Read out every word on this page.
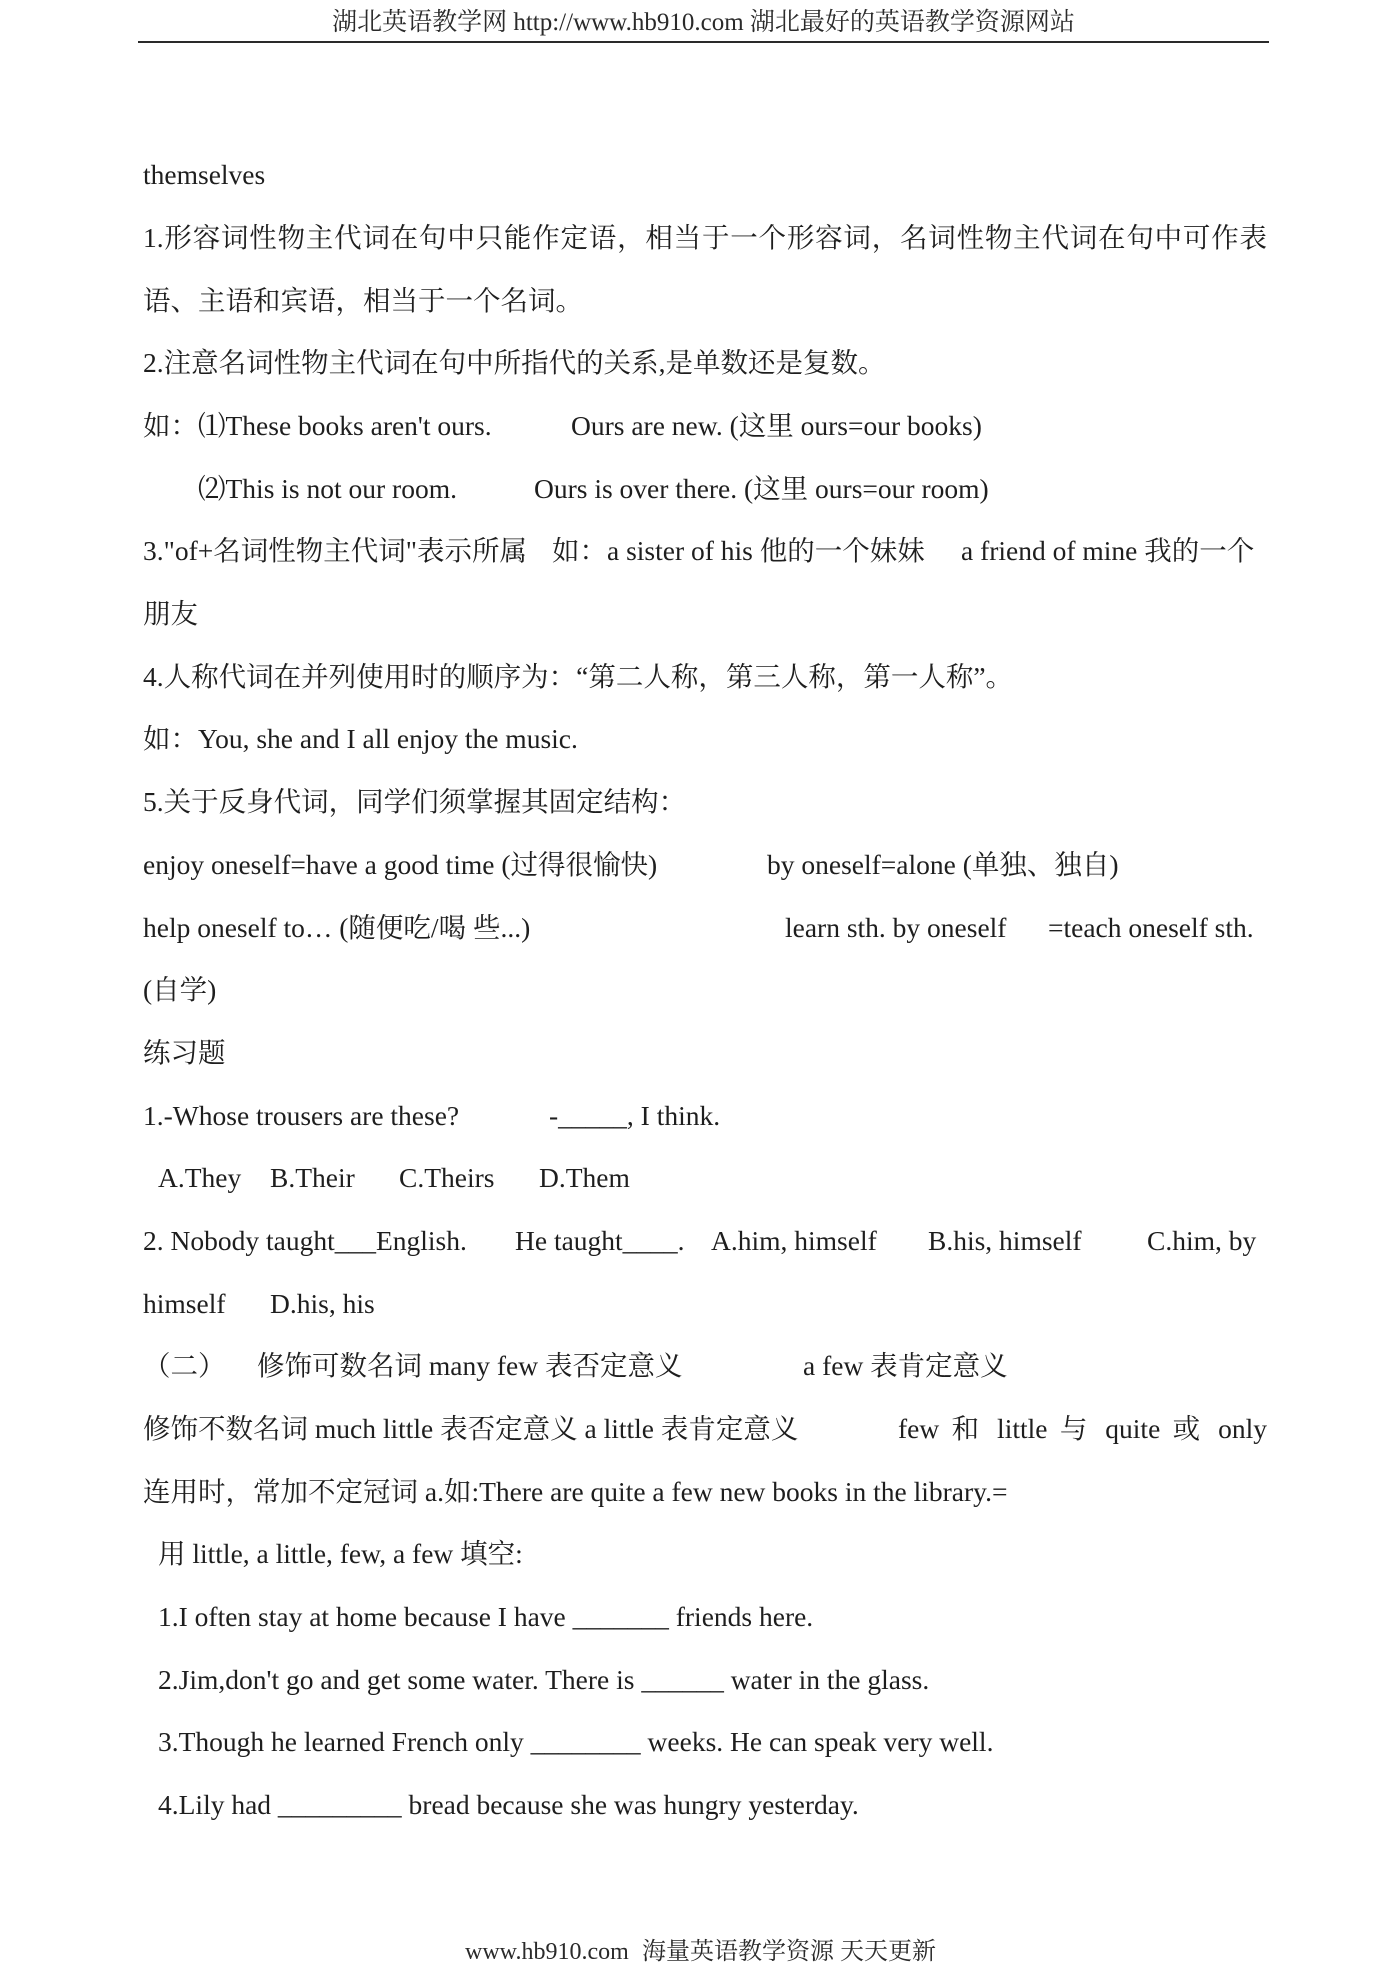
湖北英语教学网 http://www.hb910.com 湖北最好的英语教学资源网站
themselves
1.形容词性物主代词在句中只能作定语，相当于一个形容词，名词性物主代词在句中可作表
语、主语和宾语，相当于一个名词。
2.注意名词性物主代词在句中所指代的关系,是单数还是复数。
如：⑴These books aren't ours.	Ours are new. (这里 ours=our books)
⑵This is not our room.	Ours is over there. (这里 ours=our room)
3."of+名词性物主代词"表示所属 如：a sister of his 他的一个妹妹 a friend of mine 我的一个
朋友
4.人称代词在并列使用时的顺序为：“第二人称，第三人称，第一人称”。
如：You, she and I all enjoy the music.
5.关于反身代词，同学们须掌握其固定结构：
enjoy oneself=have a good time (过得很愉快)	by oneself=alone (单独、独自)
help oneself to… (随便吃/喝 些...)	learn sth. by oneself =teach oneself sth.
(自学)
练习题
1.-Whose trousers are these?	-_____, I think.
A.They B.Their C.Theirs D.Them
2. Nobody taught___English. He taught____. A.him, himself B.his, himself C.him, by
himself D.his, his
（二） 修饰可数名词 many few 表否定意义	a few 表肯定意义
修饰不数名词 much little 表否定意义 a little 表肯定意义	few 和 little 与 quite 或 only
连用时，常加不定冠词 a.如:There are quite a few new books in the library.=
用 little, a little, few, a few 填空:
1.I often stay at home because I have _______ friends here.
2.Jim,don't go and get some water. There is ______ water in the glass.
3.Though he learned French only ________ weeks. He can speak very well.
4.Lily had _________ bread because she was hungry yesterday.
www.hb910.com 海量英语教学资源 天天更新
